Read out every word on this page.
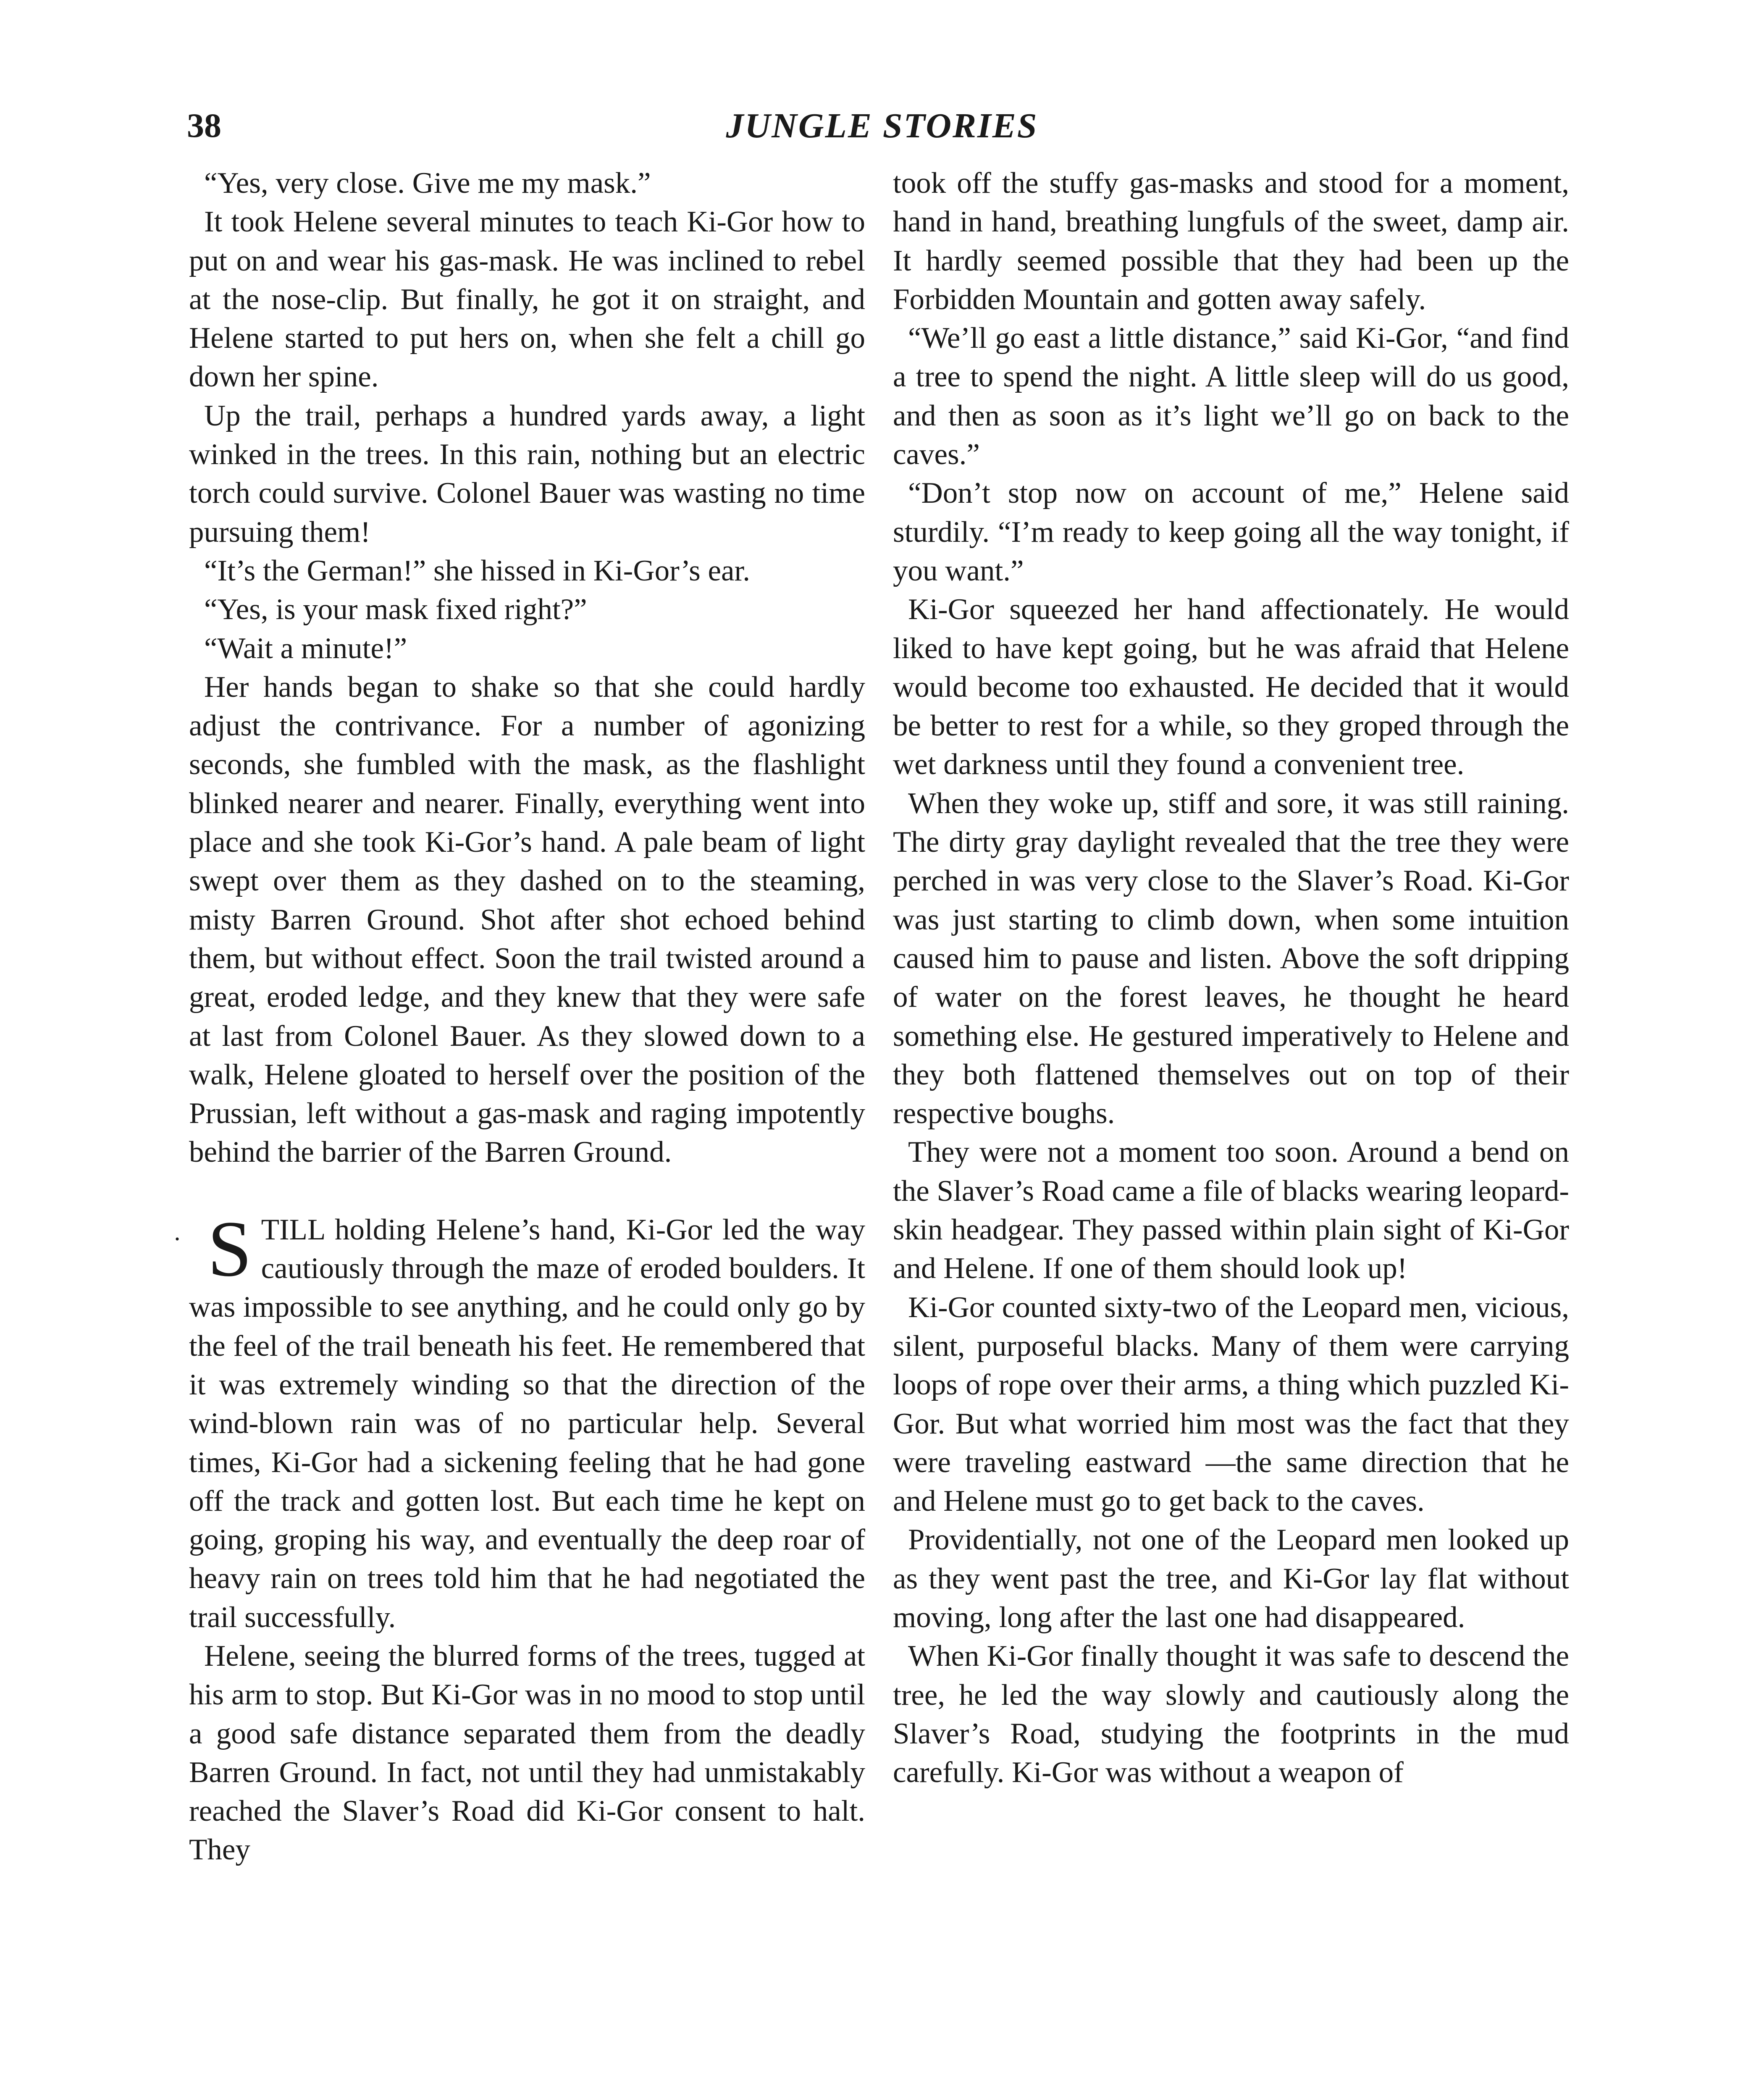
38	JUNGLE STORIES

“Yes, very close. Give me my mask.”

It took Helene several minutes to teach Ki-Gor how to put on and wear his gas-mask. He was inclined to rebel at the nose-clip. But finally, he got it on straight, and Helene started to put hers on, when she felt a chill go down her spine.

Up the trail, perhaps a hundred yards away, a light winked in the trees. In this rain, nothing but an electric torch could survive. Colonel Bauer was wasting no time pursuing them!

“It’s the German!” she hissed in Ki-Gor’s ear.

“Yes, is your mask fixed right?”

“Wait a minute!”

Her hands began to shake so that she could hardly adjust the contrivance. For a number of agonizing seconds, she fumbled with the mask, as the flashlight blinked nearer and nearer. Finally, everything went into place and she took Ki-Gor’s hand. A pale beam of light swept over them as they dashed on to the steaming, misty Barren Ground. Shot after shot echoed behind them, but without effect. Soon the trail twisted around a great, eroded ledge, and they knew that they were safe at last from Colonel Bauer. As they slowed down to a walk, Helene gloated to herself over the position of the Prussian, left without a gas-mask and raging impotently behind the barrier of the Barren Ground.

· S TILL holding Helene’s hand, Ki-Gor led the way cautiously through the maze of eroded boulders. It was impossible to see anything, and he could only go by the feel of the trail beneath his feet. He remembered that it was extremely winding so that the direction of the wind-blown rain was of no particular help. Several times, Ki-Gor had a sickening feeling that he had gone off the track and gotten lost. But each time he kept on going, groping his way, and eventually the deep roar of heavy rain on trees told him that he had negotiated the trail successfully.

Helene, seeing the blurred forms of the trees, tugged at his arm to stop. But Ki-Gor was in no mood to stop until a good safe distance separated them from the deadly Barren Ground. In fact, not until they had unmistakably reached the Slaver’s Road did Ki-Gor consent to halt. They

took off the stuffy gas-masks and stood for a moment, hand in hand, breathing lungfuls of the sweet, damp air. It hardly seemed possible that they had been up the Forbidden Mountain and gotten away safely.

“We’ll go east a little distance,” said Ki-Gor, “and find a tree to spend the night. A little sleep will do us good, and then as soon as it’s light we’ll go on back to the caves.”

“Don’t stop now on account of me,” Helene said sturdily. “I’m ready to keep going all the way tonight, if you want.”

Ki-Gor squeezed her hand affectionately. He would liked to have kept going, but he was afraid that Helene would become too exhausted. He decided that it would be better to rest for a while, so they groped through the wet darkness until they found a convenient tree.

When they woke up, stiff and sore, it was still raining. The dirty gray daylight revealed that the tree they were perched in was very close to the Slaver’s Road. Ki-Gor was just starting to climb down, when some intuition caused him to pause and listen. Above the soft dripping of water on the forest leaves, he thought he heard something else. He gestured imperatively to Helene and they both flattened themselves out on top of their respective boughs.

They were not a moment too soon. Around a bend on the Slaver’s Road came a file of blacks wearing leopard-skin headgear. They passed within plain sight of Ki-Gor and Helene. If one of them should look up!

Ki-Gor counted sixty-two of the Leopard men, vicious, silent, purposeful blacks. Many of them were carrying loops of rope over their arms, a thing which puzzled Ki-Gor. But what worried him most was the fact that they were traveling eastward —the same direction that he and Helene must go to get back to the caves.

Providentially, not one of the Leopard men looked up as they went past the tree, and Ki-Gor lay flat without moving, long after the last one had disappeared.

When Ki-Gor finally thought it was safe to descend the tree, he led the way slowly and cautiously along the Slaver’s Road, studying the footprints in the mud carefully. Ki-Gor was without a weapon of
